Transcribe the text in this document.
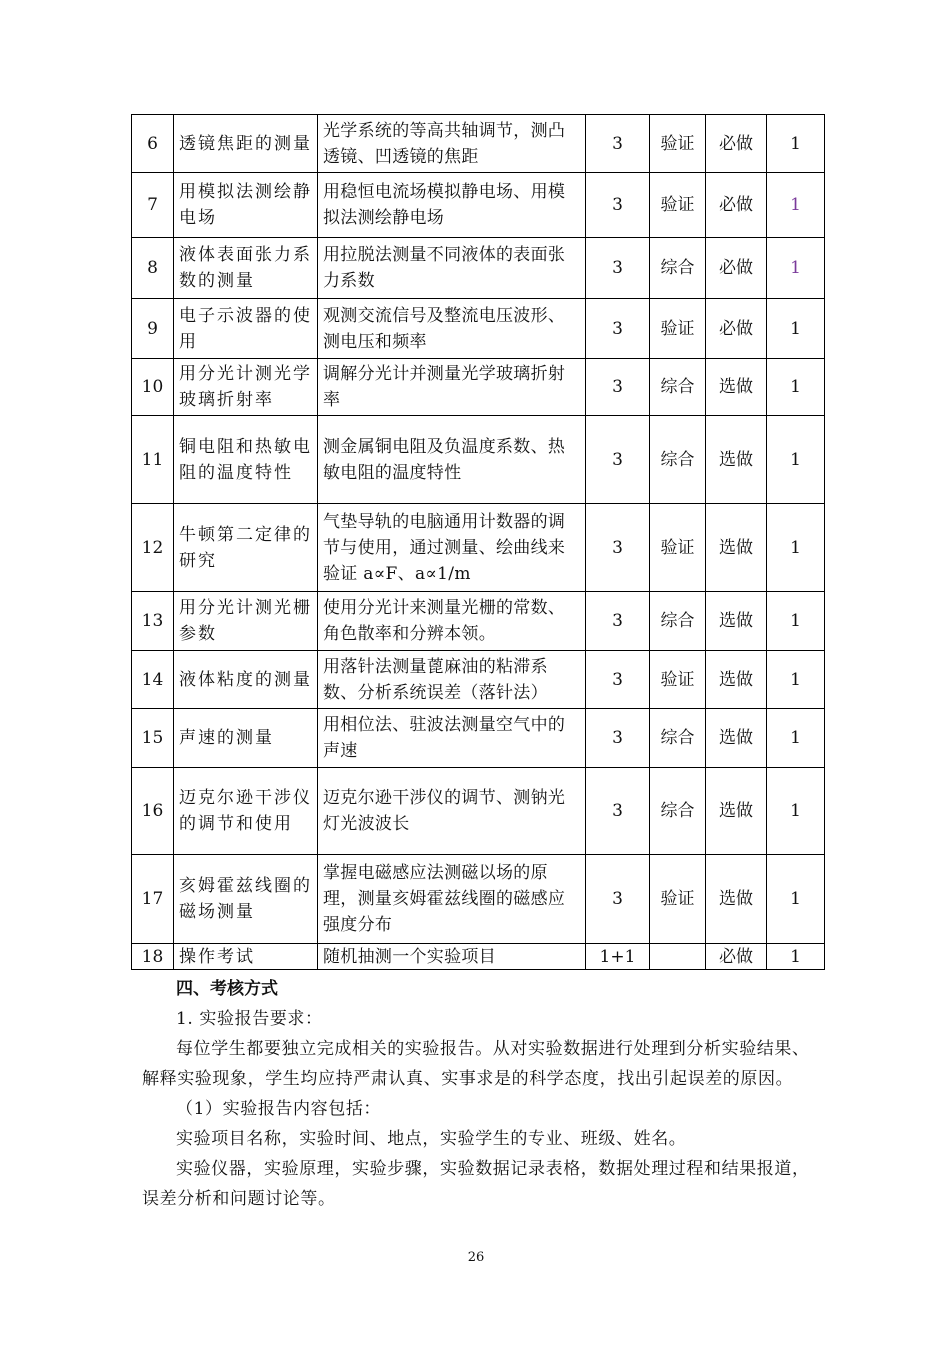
6	透镜焦距的测量	光学系统的等高共轴调节，测凸透镜、凹透镜的焦距	3	验证	必做	1
7	用模拟法测绘静电场	用稳恒电流场模拟静电场、用模拟法测绘静电场	3	验证	必做	1
8	液体表面张力系数的测量	用拉脱法测量不同液体的表面张力系数	3	综合	必做	1
9	电子示波器的使用	观测交流信号及整流电压波形、测电压和频率	3	验证	必做	1
10	用分光计测光学玻璃折射率	调解分光计并测量光学玻璃折射率	3	综合	选做	1
11	铜电阻和热敏电阻的温度特性	测金属铜电阻及负温度系数、热敏电阻的温度特性	3	综合	选做	1
12	牛顿第二定律的研究	气垫导轨的电脑通用计数器的调节与使用，通过测量、绘曲线来验证 a∝F、a∝1/m	3	验证	选做	1
13	用分光计测光栅参数	使用分光计来测量光栅的常数、角色散率和分辨本领。	3	综合	选做	1
14	液体粘度的测量	用落针法测量蓖麻油的粘滞系数、分析系统误差（落针法）	3	验证	选做	1
15	声速的测量	用相位法、驻波法测量空气中的声速	3	综合	选做	1
16	迈克尔逊干涉仪的调节和使用	迈克尔逊干涉仪的调节、测钠光灯光波波长	3	综合	选做	1
17	亥姆霍兹线圈的磁场测量	掌握电磁感应法测磁以场的原理，测量亥姆霍兹线圈的磁感应强度分布	3	验证	选做	1
18	操作考试	随机抽测一个实验项目	1+1		必做	1

四、考核方式

1. 实验报告要求：

每位学生都要独立完成相关的实验报告。从对实验数据进行处理到分析实验结果、解释实验现象，学生均应持严肃认真、实事求是的科学态度，找出引起误差的原因。

（1）实验报告内容包括：

实验项目名称，实验时间、地点，实验学生的专业、班级、姓名。

实验仪器，实验原理，实验步骤，实验数据记录表格，数据处理过程和结果报道，误差分析和问题讨论等。

26
